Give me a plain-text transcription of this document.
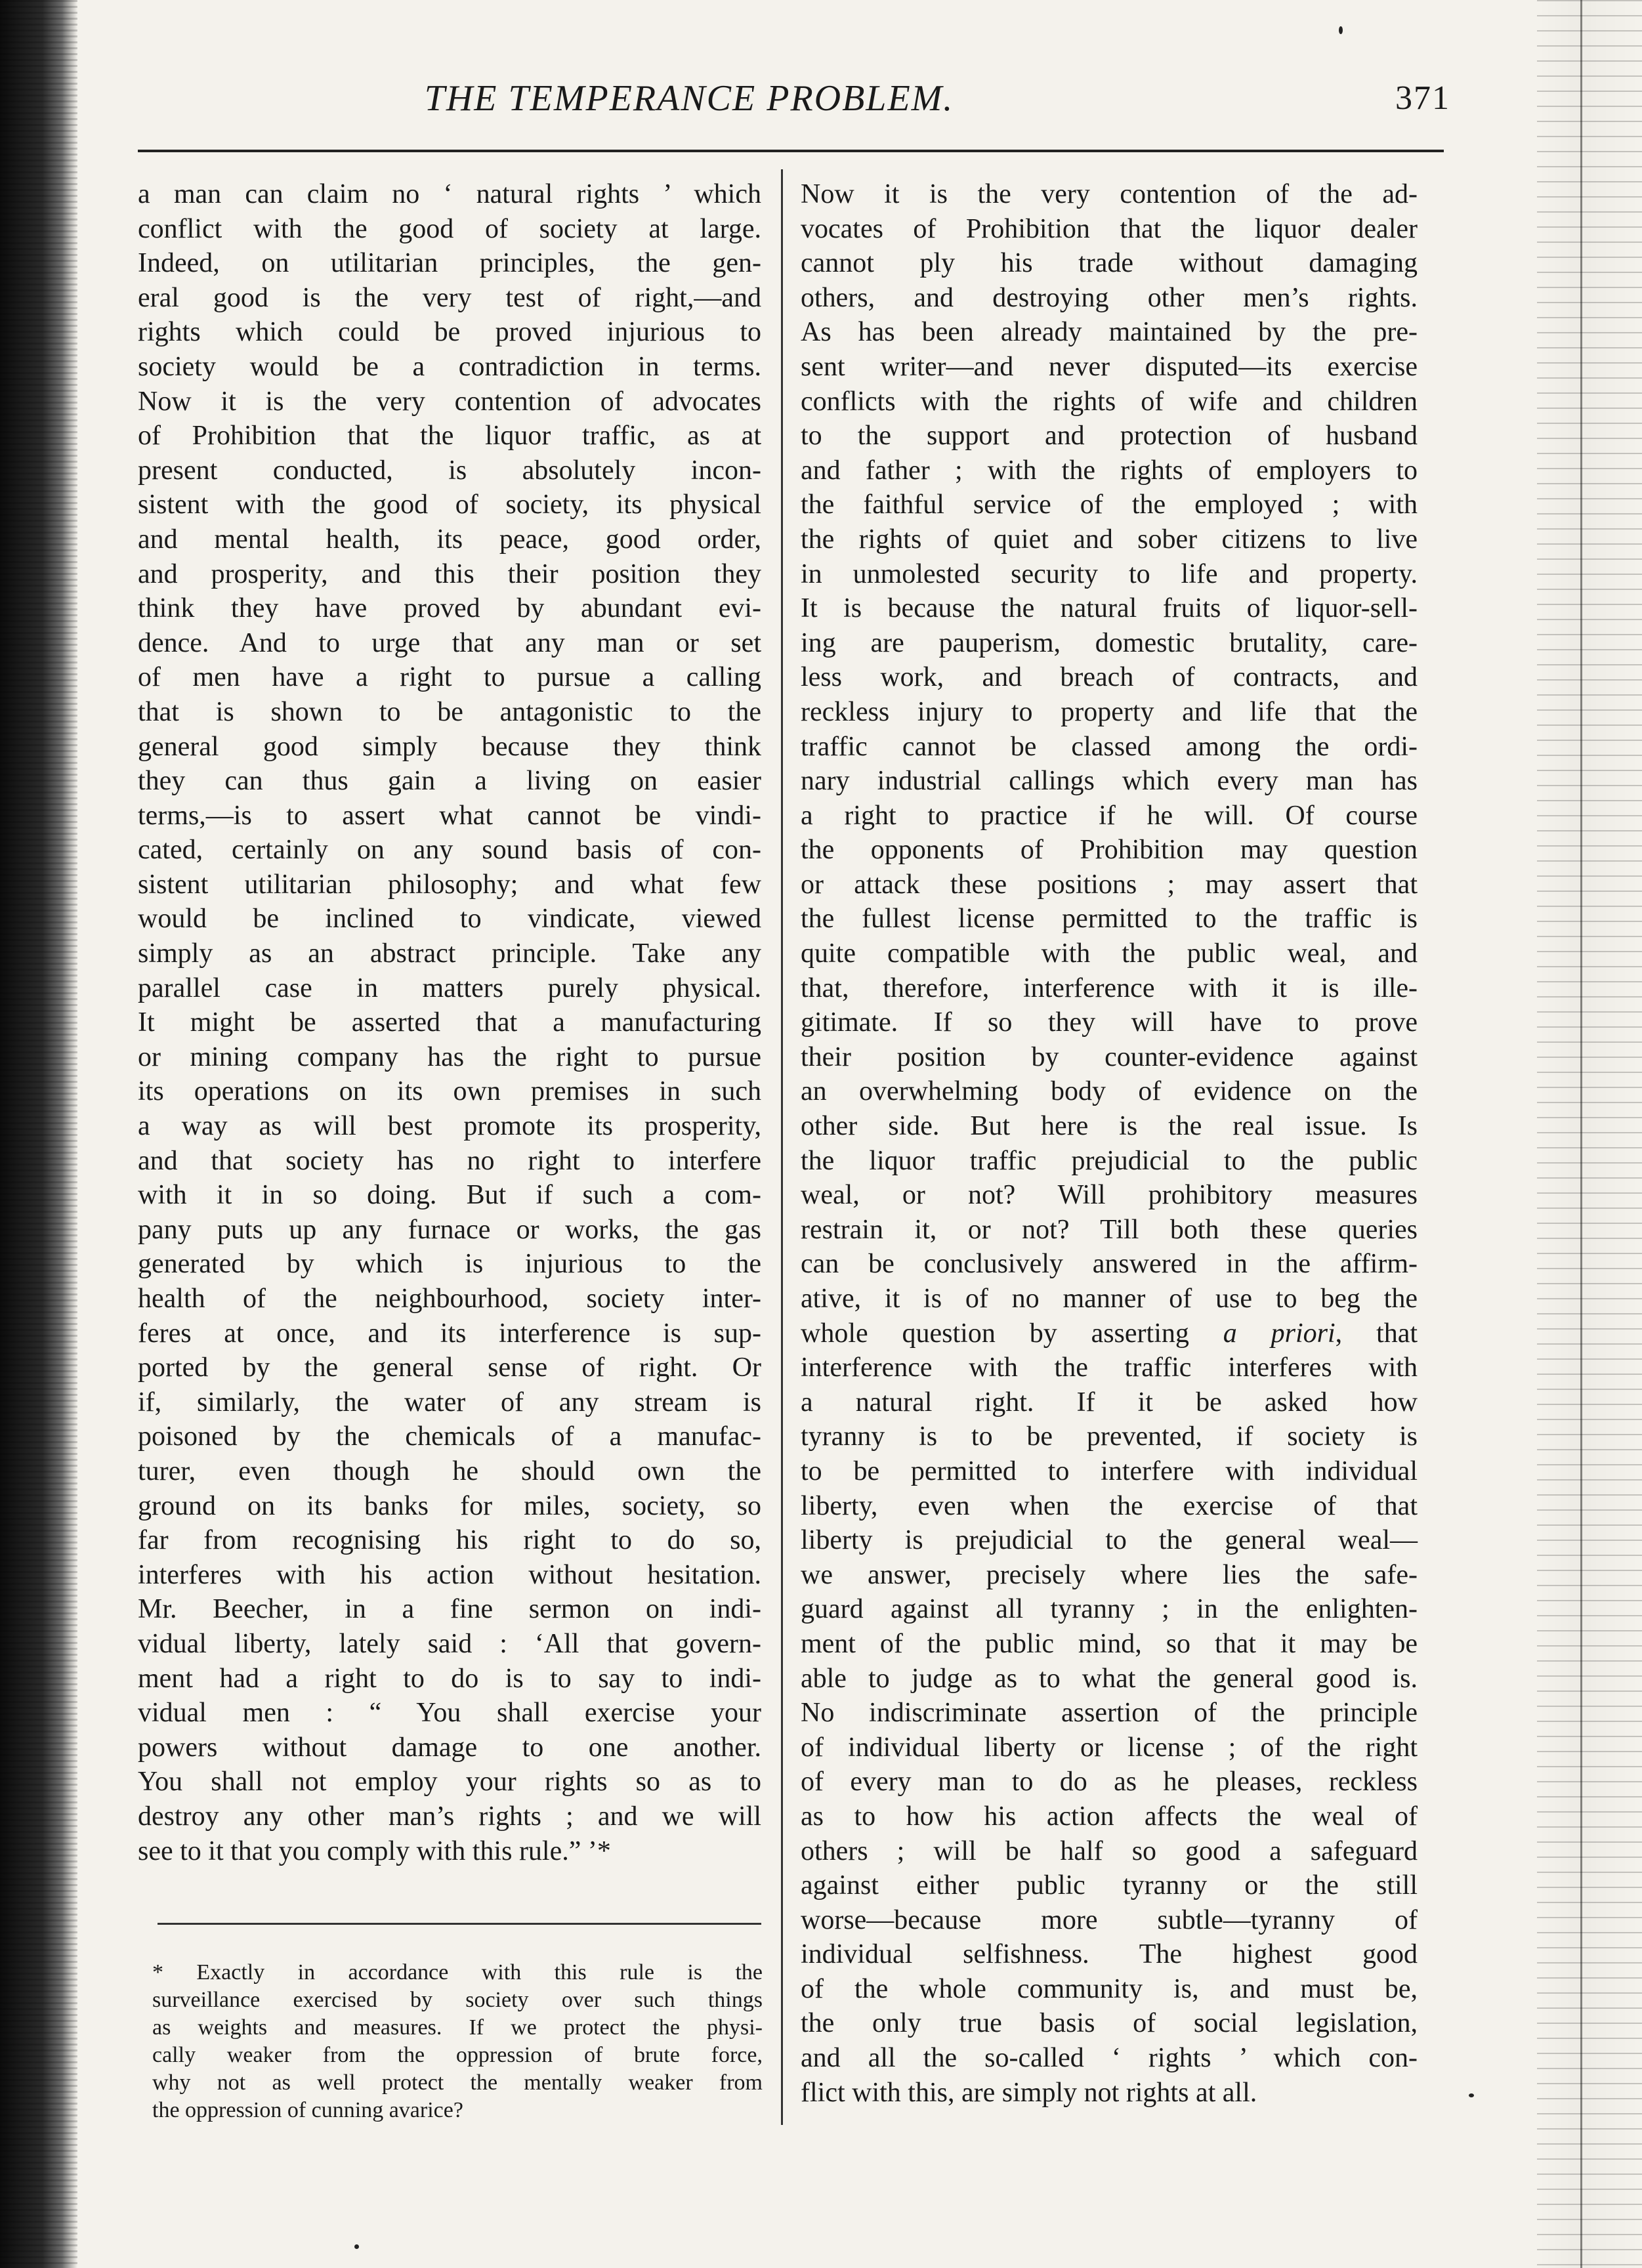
THE TEMPERANCE PROBLEM.	371
a man can claim no ‘ natural rights ’ which
conflict with the good of society at large.
Indeed, on utilitarian principles, the gen-
eral good is the very test of right,—and
rights which could be proved injurious to
society would be a contradiction in terms.
Now it is the very contention of advocates
of Prohibition that the liquor traffic, as at
present conducted, is absolutely incon-
sistent with the good of society, its physical
and mental health, its peace, good order,
and prosperity, and this their position they
think they have proved by abundant evi-
dence. And to urge that any man or set
of men have a right to pursue a calling
that is shown to be antagonistic to the
general good simply because they think
they can thus gain a living on easier
terms,—is to assert what cannot be vindi-
cated, certainly on any sound basis of con-
sistent utilitarian philosophy; and what few
would be inclined to vindicate, viewed
simply as an abstract principle. Take any
parallel case in matters purely physical.
It might be asserted that a manufacturing
or mining company has the right to pursue
its operations on its own premises in such
a way as will best promote its prosperity,
and that society has no right to interfere
with it in so doing. But if such a com-
pany puts up any furnace or works, the gas
generated by which is injurious to the
health of the neighbourhood, society inter-
feres at once, and its interference is sup-
ported by the general sense of right. Or
if, similarly, the water of any stream is
poisoned by the chemicals of a manufac-
turer, even though he should own the
ground on its banks for miles, society, so
far from recognising his right to do so,
interferes with his action without hesitation.
Mr. Beecher, in a fine sermon on indi-
vidual liberty, lately said : ‘All that govern-
ment had a right to do is to say to indi-
vidual men : “ You shall exercise your
powers without damage to one another.
You shall not employ your rights so as to
destroy any other man’s rights ; and we will
see to it that you comply with this rule.” ’*
Now it is the very contention of the ad-
vocates of Prohibition that the liquor dealer
cannot ply his trade without damaging
others, and destroying other men’s rights.
As has been already maintained by the pre-
sent writer—and never disputed—its exercise
conflicts with the rights of wife and children
to the support and protection of husband
and father ; with the rights of employers to
the faithful service of the employed ; with
the rights of quiet and sober citizens to live
in unmolested security to life and property.
It is because the natural fruits of liquor-sell-
ing are pauperism, domestic brutality, care-
less work, and breach of contracts, and
reckless injury to property and life that the
traffic cannot be classed among the ordi-
nary industrial callings which every man has
a right to practice if he will. Of course
the opponents of Prohibition may question
or attack these positions ; may assert that
the fullest license permitted to the traffic is
quite compatible with the public weal, and
that, therefore, interference with it is ille-
gitimate. If so they will have to prove
their position by counter-evidence against
an overwhelming body of evidence on the
other side. But here is the real issue. Is
the liquor traffic prejudicial to the public
weal, or not? Will prohibitory measures
restrain it, or not? Till both these queries
can be conclusively answered in the affirm-
ative, it is of no manner of use to beg the
whole question by asserting a priori, that
interference with the traffic interferes with
a natural right. If it be asked how
tyranny is to be prevented, if society is
to be permitted to interfere with individual
liberty, even when the exercise of that
liberty is prejudicial to the general weal—
we answer, precisely where lies the safe-
guard against all tyranny ; in the enlighten-
ment of the public mind, so that it may be
able to judge as to what the general good is.
No indiscriminate assertion of the principle
of individual liberty or license ; of the right
of every man to do as he pleases, reckless
as to how his action affects the weal of
others ; will be half so good a safeguard
against either public tyranny or the still
worse—because more subtle—tyranny of
individual selfishness. The highest good
of the whole community is, and must be,
the only true basis of social legislation,
and all the so-called ‘ rights ’ which con-
flict with this, are simply not rights at all.
* Exactly in accordance with this rule is the
surveillance exercised by society over such things
as weights and measures. If we protect the physi-
cally weaker from the oppression of brute force,
why not as well protect the mentally weaker from
the oppression of cunning avarice?
